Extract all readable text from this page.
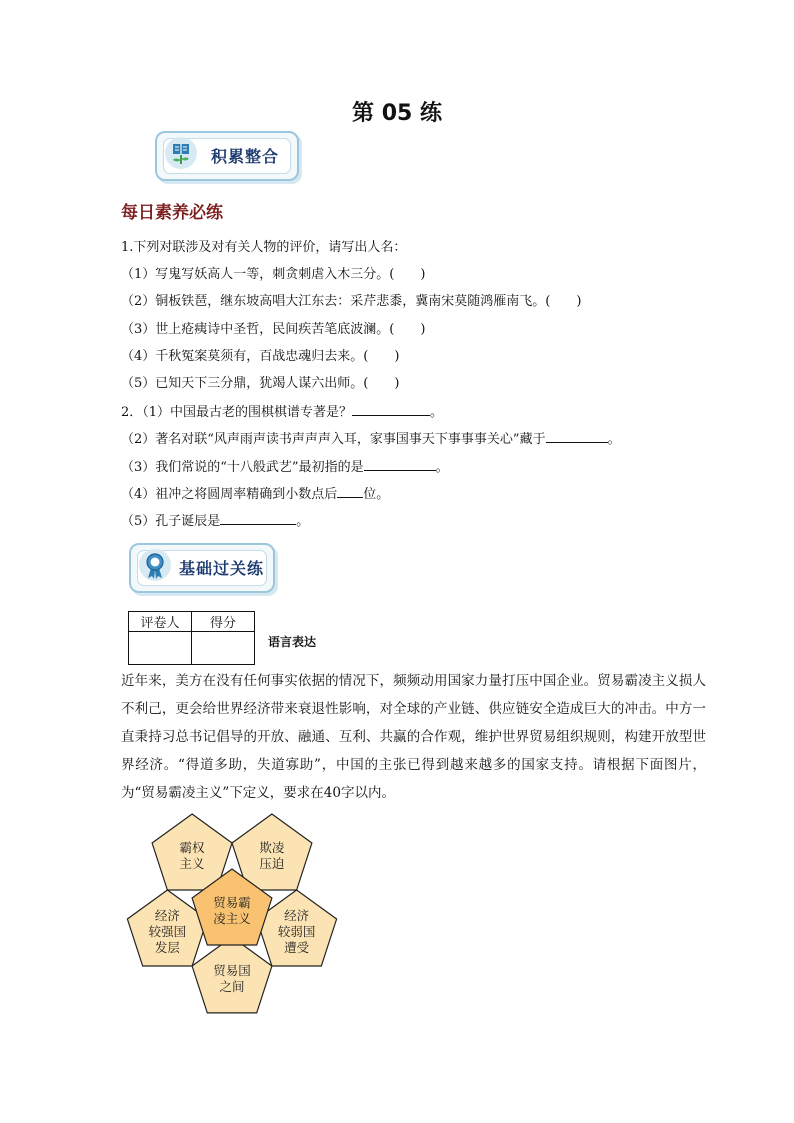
第 05 练
积累整合
每日素养必练
1.下列对联涉及对有关人物的评价，请写出人名：
（1）写鬼写妖高人一等，刺贪刺虐入木三分。(　　)
（2）铜板铁琶，继东坡高唱大江东去：采芹悲黍，冀南宋莫随鸿雁南飞。(　　)
（3）世上疮痍诗中圣哲，民间疾苦笔底波澜。(　　)
（4）千秋冤案莫须有，百战忠魂归去来。(　　)
（5）已知天下三分鼎，犹竭人谋六出师。(　　)
2．（1）中国最古老的围棋棋谱专著是？	。
（2）著名对联“风声雨声读书声声声入耳，家事国事天下事事事关心”藏于	。
（3）我们常说的“十八般武艺”最初指的是	。
（4）祖冲之将圆周率精确到小数点后 位。
（5）孔子诞辰是	。
基础过关练
评卷人	得分

语言表达
近年来，美方在没有任何事实依据的情况下，频频动用国家力量打压中国企业。贸易霸凌主义损人不利己，更会给世界经济带来衰退性影响，对全球的产业链、供应链安全造成巨大的冲击。中方一直秉持习总书记倡导的开放、融通、互利、共赢的合作观，维护世界贸易组织规则，构建开放型世界经济。“得道多助，失道寡助”，中国的主张已得到越来越多的国家支持。请根据下面图片，为“贸易霸凌主义”下定义，要求在40字以内。
霸权主义
欺凌压迫
经济较弱国遭受
贸易国之间
经济较强国发层
贸易霸凌主义
